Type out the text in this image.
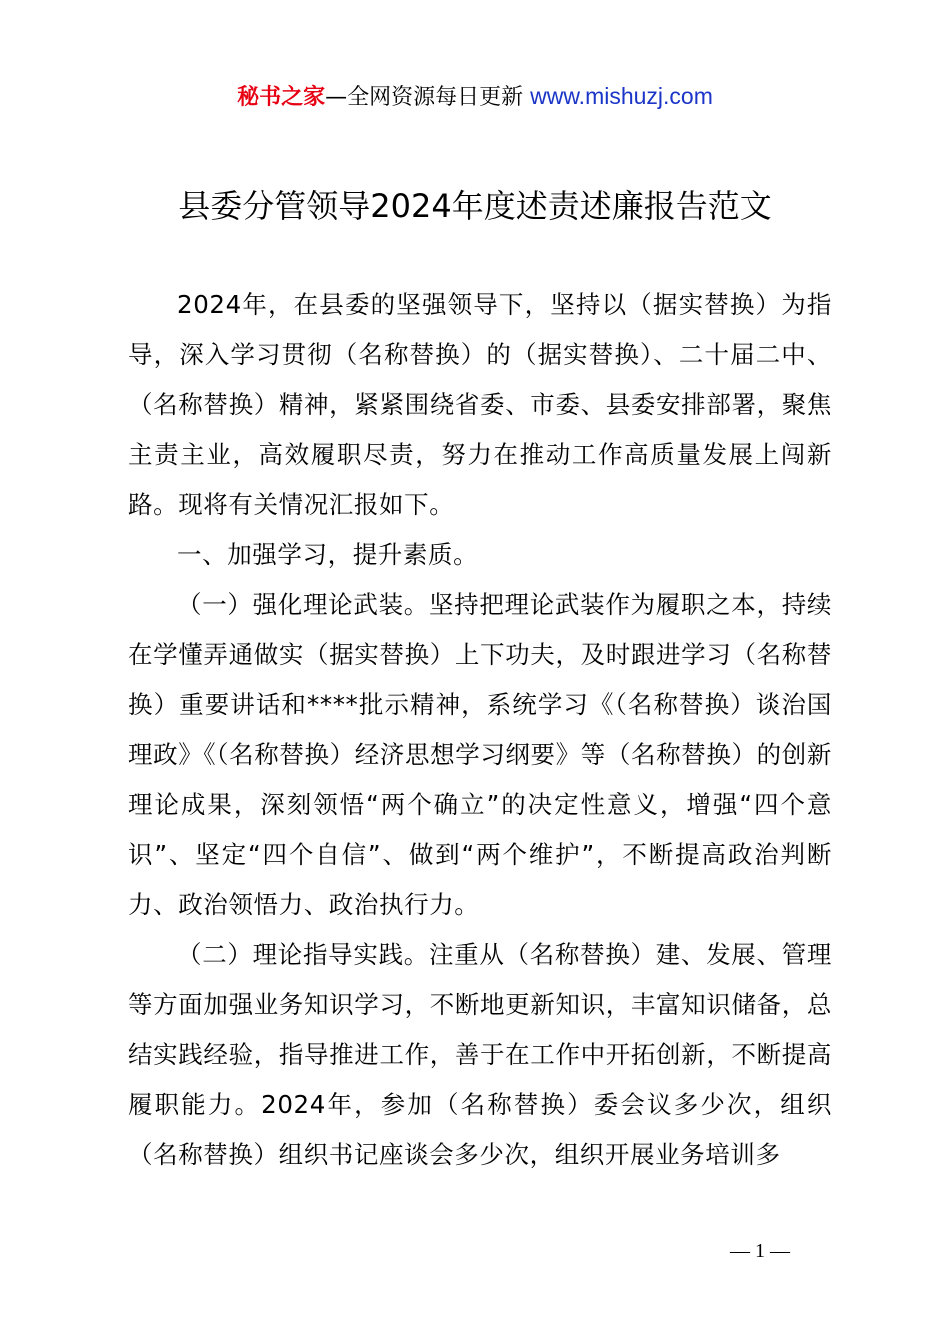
秘书之家—全网资源每日更新 www.mishuzj.com
县委分管领导2024年度述责述廉报告范文

2024年，在县委的坚强领导下，坚持以（据实替换）为指导，深入学习贯彻（名称替换）的（据实替换）、二十届二中、（名称替换）精神，紧紧围绕省委、市委、县委安排部署，聚焦主责主业，高效履职尽责，努力在推动工作高质量发展上闯新路。现将有关情况汇报如下。

一、加强学习，提升素质。

（一）强化理论武装。坚持把理论武装作为履职之本，持续在学懂弄通做实（据实替换）上下功夫，及时跟进学习（名称替换）重要讲话和****批示精神，系统学习《（名称替换）谈治国理政》《（名称替换）经济思想学习纲要》等（名称替换）的创新理论成果，深刻领悟“两个确立”的决定性意义，增强“四个意识”、坚定“四个自信”、做到“两个维护”，不断提高政治判断力、政治领悟力、政治执行力。

（二）理论指导实践。注重从（名称替换）建、发展、管理等方面加强业务知识学习，不断地更新知识，丰富知识储备，总结实践经验，指导推进工作，善于在工作中开拓创新，不断提高履职能力。2024年，参加（名称替换）委会议多少次，组织（名称替换）组织书记座谈会多少次，组织开展业务培训多

— 1 —
